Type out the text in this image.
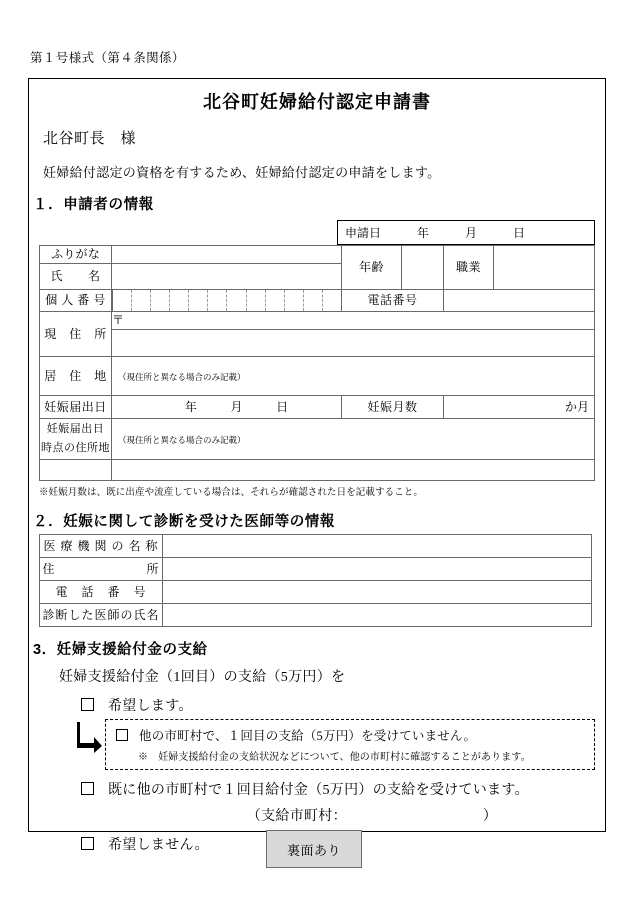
第１号様式（第４条関係）
北谷町妊婦給付認定申請書
北谷町長　様
妊婦給付認定の資格を有するため、妊婦給付認定の申請をします。
１．申請者の情報
申請日	年	月	日
ふりがな		年齢		職業	
氏　　名					
個 人 番 号		電話番号			
現　住　所	〒				

居　住　地	（現住所と異なる場合のみ記載）				

妊娠届出日	年 月 日	妊娠月数		か月	

妊娠届出日
時点の住所地	（現住所と異なる場合のみ記載）				

※妊娠月数は、既に出産や流産している場合は、それらが確認された日を記載すること。
２．妊娠に関して診断を受けた医師等の情報
医 療 機 関 の 名 称	
住　　　　　　　所	
電　話　番　号	
診断した医師の氏名	
3．妊婦支援給付金の支給
妊婦支援給付金（1回目）の支給（5万円）を
希望します。
他の市町村で、１回目の支給（5万円）を受けていません。
※　妊婦支援給付金の支給状況などについて、他の市町村に確認することがあります。
既に他の市町村で１回目給付金（5万円）の支給を受けています。
（支給市町村：　　　　　　　　　　）
希望しません。	裏面あり
